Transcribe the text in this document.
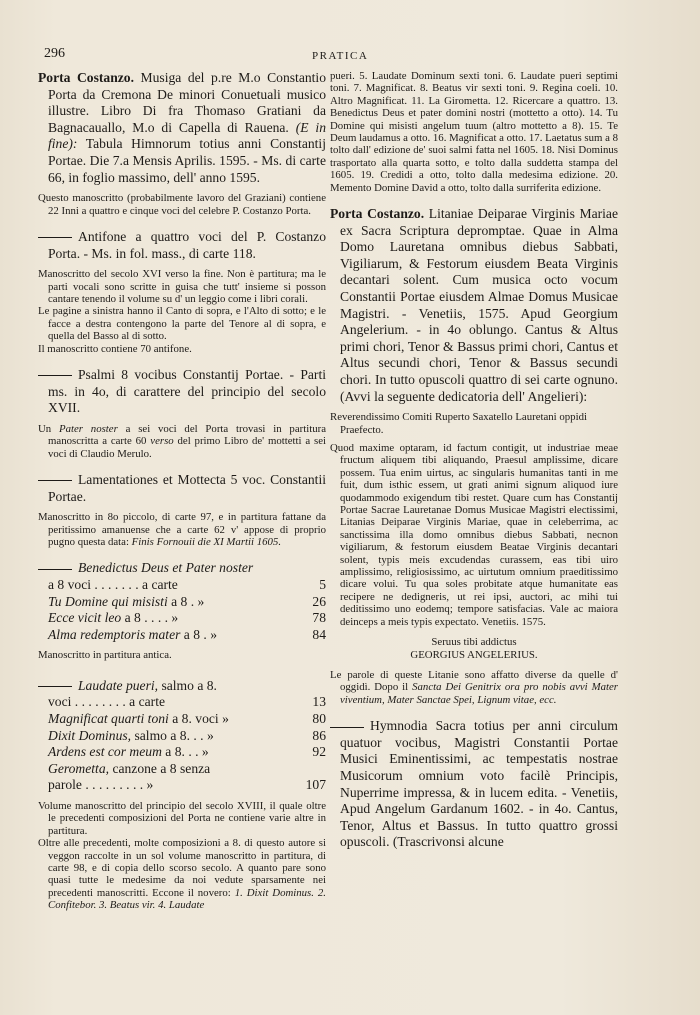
296	PRATICA

Porta Costanzo. Musiga del p.re M.o Constantio Porta da Cremona De minori Conuetuali musico illustre. Libro Di fra Thomaso Gratiani da Bagnacauallo, M.o di Capella di Rauena. (E in fine): Tabula Himnorum totius anni Constantij Portae. Die 7.a Mensis Aprilis. 1595. - Ms. di carte 66, in foglio massimo, dell' anno 1595.

Questo manoscritto (probabilmente lavoro del Graziani) contiene 22 Inni a quattro e cinque voci del celebre P. Costanzo Porta.

Antifone a quattro voci del P. Costanzo Porta. - Ms. in fol. mass., di carte 118.

Manoscritto del secolo XVI verso la fine. Non è partitura; ma le parti vocali sono scritte in guisa che tutt' insieme si posson cantare tenendo il volume su d' un leggio come i libri corali.

Le pagine a sinistra hanno il Canto di sopra, e l'Alto di sotto; e le facce a destra contengono la parte del Tenore al di sopra, e quella del Basso al di sotto.

Il manoscritto contiene 70 antifone.

Psalmi 8 vocibus Constantij Portae. - Parti ms. in 4o, di carattere del principio del secolo XVII.

Un Pater noster a sei voci del Porta trovasi in partitura manoscritta a carte 60 verso del primo Libro de' mottetti a sei voci di Claudio Merulo.

Lamentationes et Mottecta 5 voc. Constantii Portae.

Manoscritto in 8o piccolo, di carte 97, e in partitura fattane da peritissimo amanuense che a carte 62 v' appose di proprio pugno questa data: Finis Fornouii die XI Martii 1605.

Benedictus Deus et Pater noster

a 8 voci . . . . . . . a carte	5
Tu Domine qui misisti a 8 . »	26
Ecce vicit leo a 8 . . . . »	78
Alma redemptoris mater a 8 . »	84

Manoscritto in partitura antica.

Laudate pueri, salmo a 8.

voci . . . . . . . . a carte	13
Magnificat quarti toni a 8. voci »	80
Dixit Dominus, salmo a 8. . . »	86
Ardens est cor meum a 8. . . »	92

Gerometta, canzone a 8 senza

parole . . . . . . . . . »	107

Volume manoscritto del principio del secolo XVIII, il quale oltre le precedenti composizioni del Porta ne contiene varie altre in partitura.

Oltre alle precedenti, molte composizioni a 8. di questo autore si veggon raccolte in un sol volume manoscritto in partitura, di carte 98, e di copia dello scorso secolo. A quanto pare sono quasi tutte le medesime da noi vedute sparsamente nei precedenti manoscritti. Eccone il novero: 1. Dixit Dominus. 2. Confitebor. 3. Beatus vir. 4. Laudate

pueri. 5. Laudate Dominum sexti toni. 6. Laudate pueri septimi toni. 7. Magnificat. 8. Beatus vir sexti toni. 9. Regina coeli. 10. Altro Magnificat. 11. La Girometta. 12. Ricercare a quattro. 13. Benedictus Deus et pater domini nostri (mottetto a otto). 14. Tu Domine qui misisti angelum tuum (altro mottetto a 8). 15. Te Deum laudamus a otto. 16. Magnificat a otto. 17. Laetatus sum a 8 tolto dall' edizione de' suoi salmi fatta nel 1605. 18. Nisi Dominus trasportato alla quarta sotto, e tolto dalla suddetta stampa del 1605. 19. Credidi a otto, tolto dalla medesima edizione. 20. Memento Domine David a otto, tolto dalla surriferita edizione.

Porta Costanzo. Litaniae Deiparae Virginis Mariae ex Sacra Scriptura depromptae. Quae in Alma Domo Lauretana omnibus diebus Sabbati, Vigiliarum, & Festorum eiusdem Beata Virginis decantari solent. Cum musica octo vocum Constantii Portae eiusdem Almae Domus Musicae Magistri. - Venetiis, 1575. Apud Georgium Angelerium. - in 4o oblungo. Cantus & Altus primi chori, Tenor & Bassus primi chori, Cantus et Altus secundi chori, Tenor & Bassus secundi chori. In tutto opuscoli quattro di sei carte ognuno. (Avvi la seguente dedicatoria dell' Angelieri):

Reverendissimo Comiti Ruperto Saxatello Lauretani oppidi Praefecto.

Quod maxime optaram, id factum contigit, ut industriae meae fructum aliquem tibi aliquando, Praesul amplissime, dicare possem. Tua enim uirtus, ac singularis humanitas tanti in me fuit, dum isthic essem, ut grati animi signum aliquod iure quodammodo exigendum tibi restet. Quare cum has Constantij Portae Sacrae Lauretanae Domus Musicae Magistri electissimi, Litanias Deiparae Virginis Mariae, quae in celeberrima, ac sanctissima illa domo omnibus diebus Sabbati, necnon vigiliarum, & festorum eiusdem Beatae Virginis decantari solent, typis meis excudendas curassem, eas tibi uiro amplissimo, religiosissimo, ac uirtutum omnium praeditissimo dicare volui. Tu qua soles probitate atque humanitate eas recipere ne dedigneris, ut rei ipsi, auctori, ac mihi tui deditissimo uno eodemq; tempore satisfacias. Vale ac maiora deinceps a meis typis expectato. Venetiis. 1575.

Seruus tibi addictus

GEORGIUS ANGELERIUS.

Le parole di queste Litanie sono affatto diverse da quelle d' oggidì. Dopo il Sancta Dei Genitrix ora pro nobis avvi Mater viventium, Mater Sanctae Spei, Lignum vitae, ecc.

Hymnodia Sacra totius per anni circulum quatuor vocibus, Magistri Constantii Portae Musici Eminentissimi, ac tempestatis nostrae Musicorum omnium voto facilè Principis, Nuperrime impressa, & in lucem edita. - Venetiis, Apud Angelum Gardanum 1602. - in 4o. Cantus, Tenor, Altus et Bassus. In tutto quattro grossi opuscoli. (Trascrivonsi alcune
